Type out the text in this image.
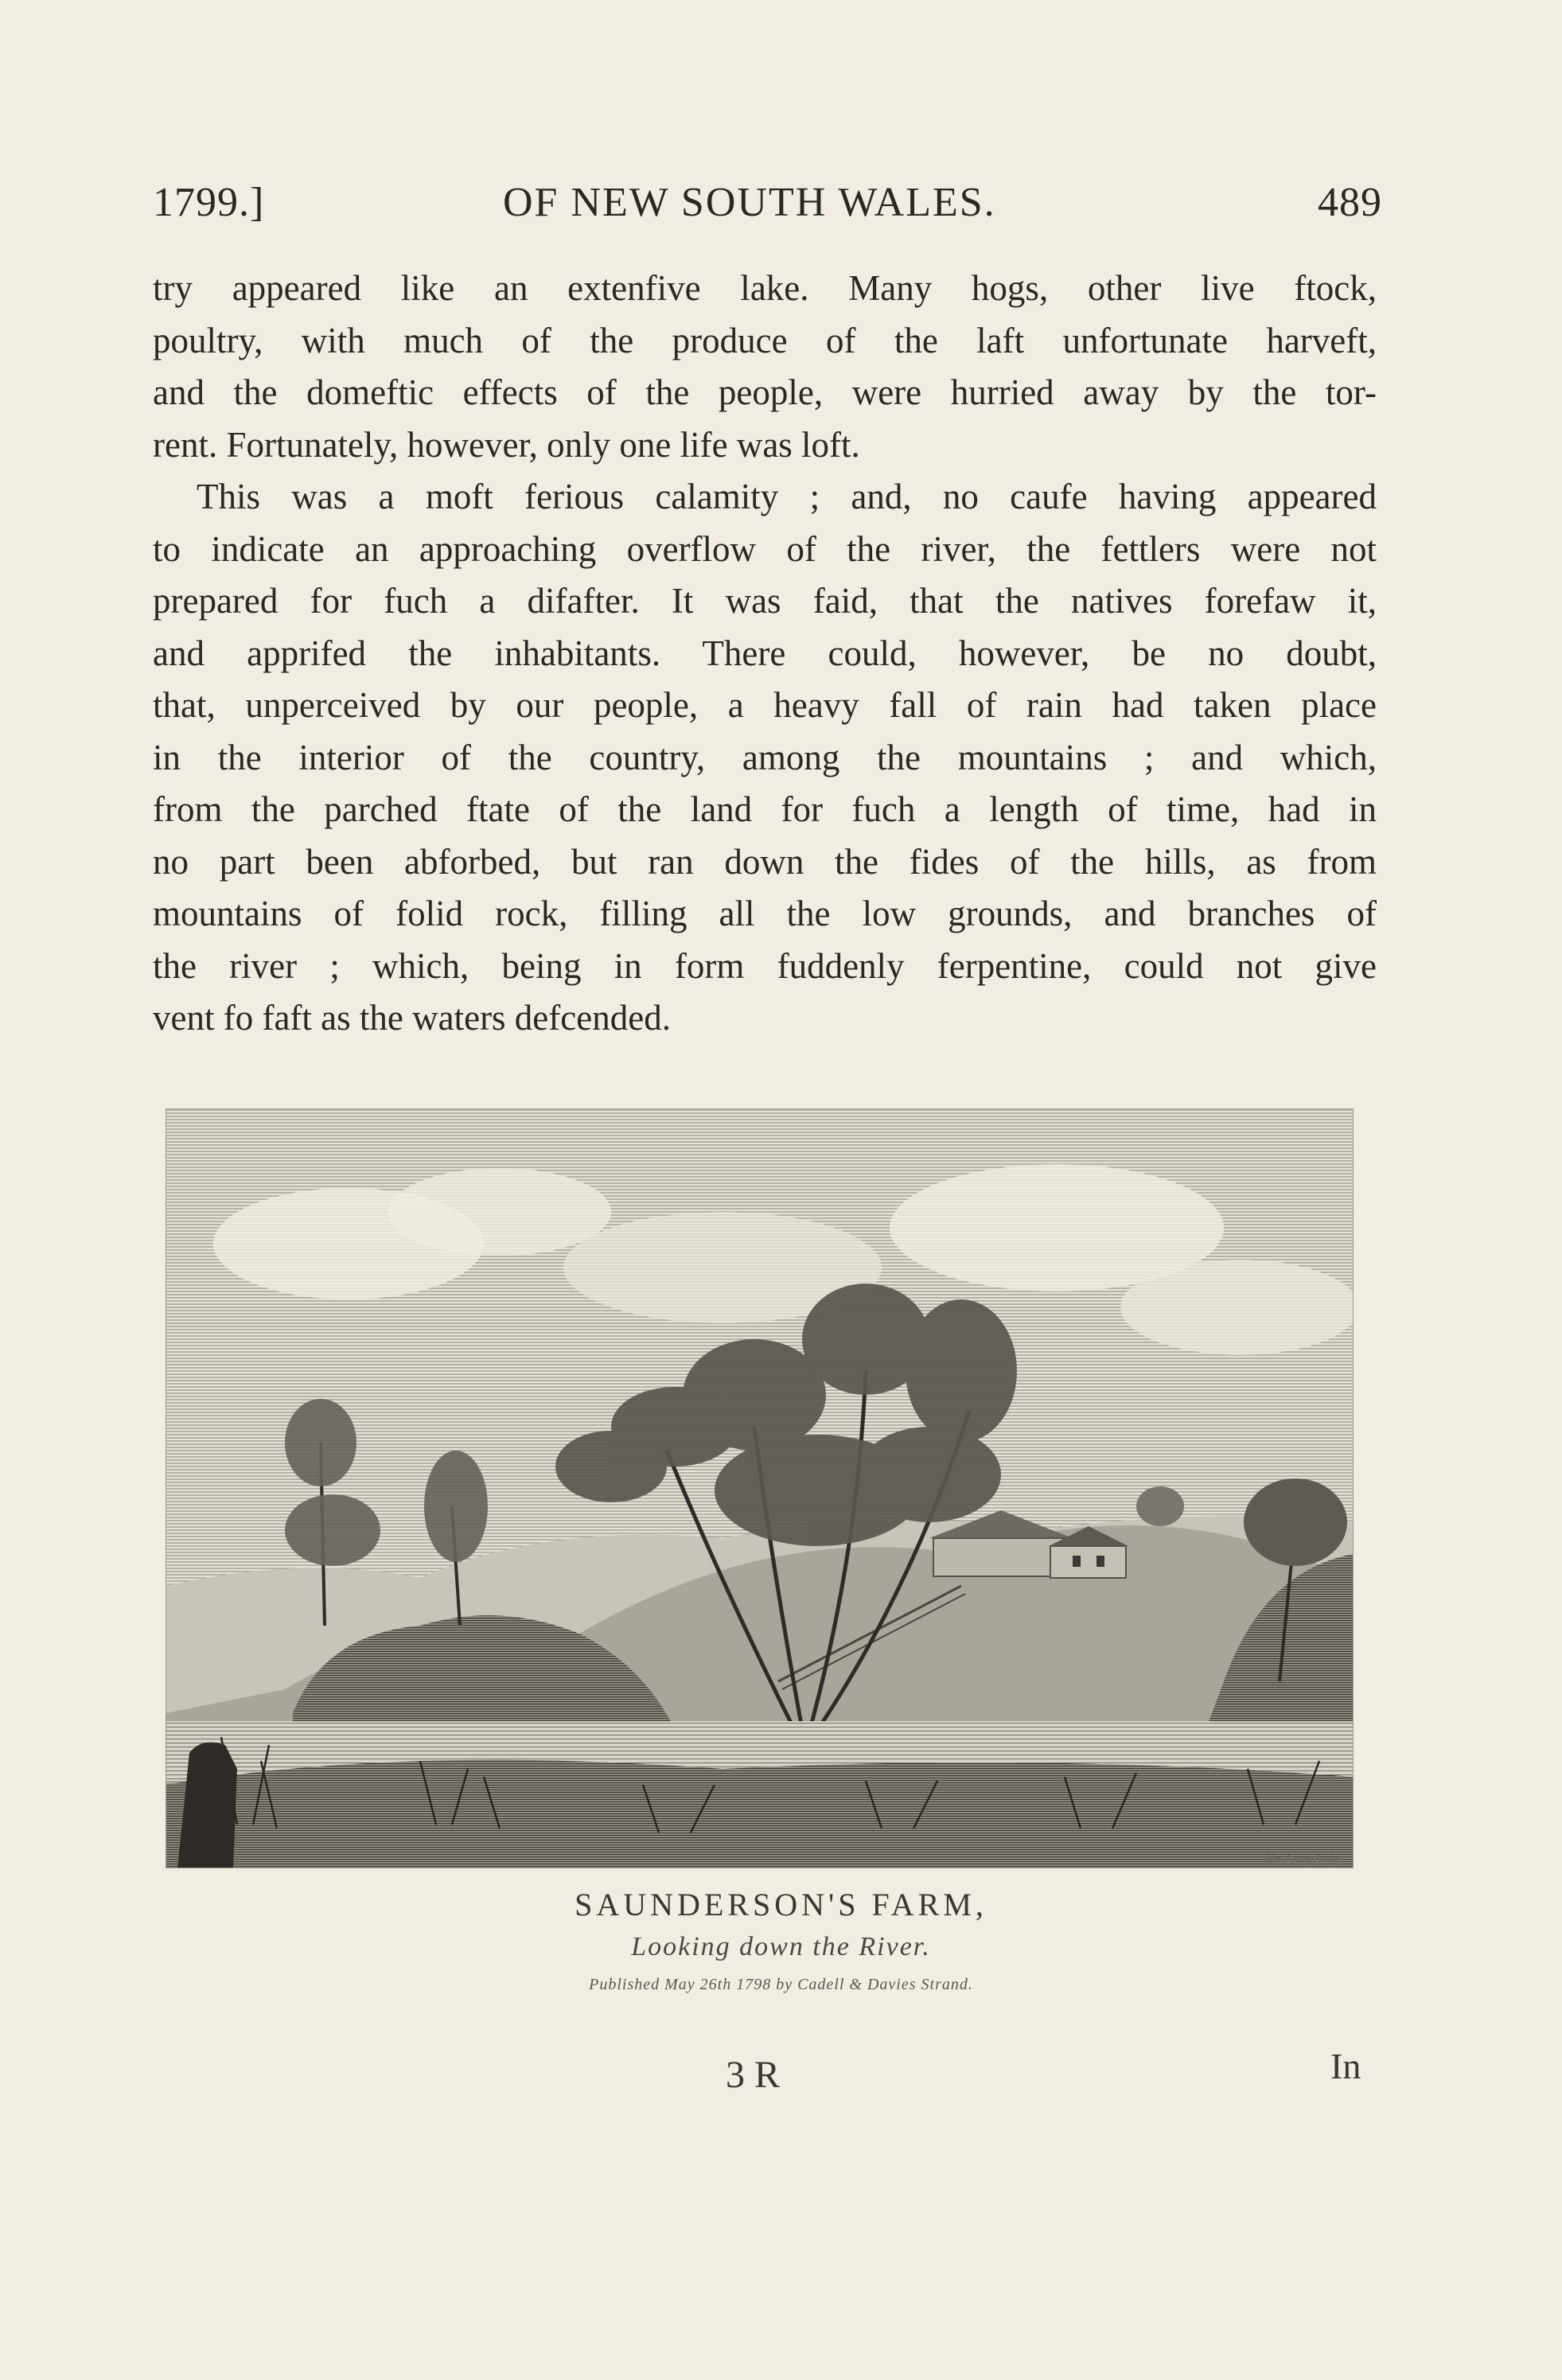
1799.]	OF NEW SOUTH WALES.	489
try appeared like an extenfive lake. Many hogs, other live ftock,
poultry, with much of the produce of the laft unfortunate harveft,
and the domeftic effects of the people, were hurried away by the tor-
rent. Fortunately, however, only one life was loft.
This was a moft ferious calamity ; and, no caufe having appeared
to indicate an approaching overflow of the river, the fettlers were not
prepared for fuch a difafter. It was faid, that the natives forefaw it,
and apprifed the inhabitants. There could, however, be no doubt,
that, unperceived by our people, a heavy fall of rain had taken place
in the interior of the country, among the mountains ; and which,
from the parched ftate of the land for fuch a length of time, had in
no part been abforbed, but ran down the fides of the hills, as from
mountains of folid rock, filling all the low grounds, and branches of
the river ; which, being in form fuddenly ferpentine, could not give
vent fo faft as the waters defcended.
Wm. Lowry Sculp.
SAUNDERSON'S FARM,
Looking down the River.
Published May 26th 1798 by Cadell & Davies Strand.
3 R	In
